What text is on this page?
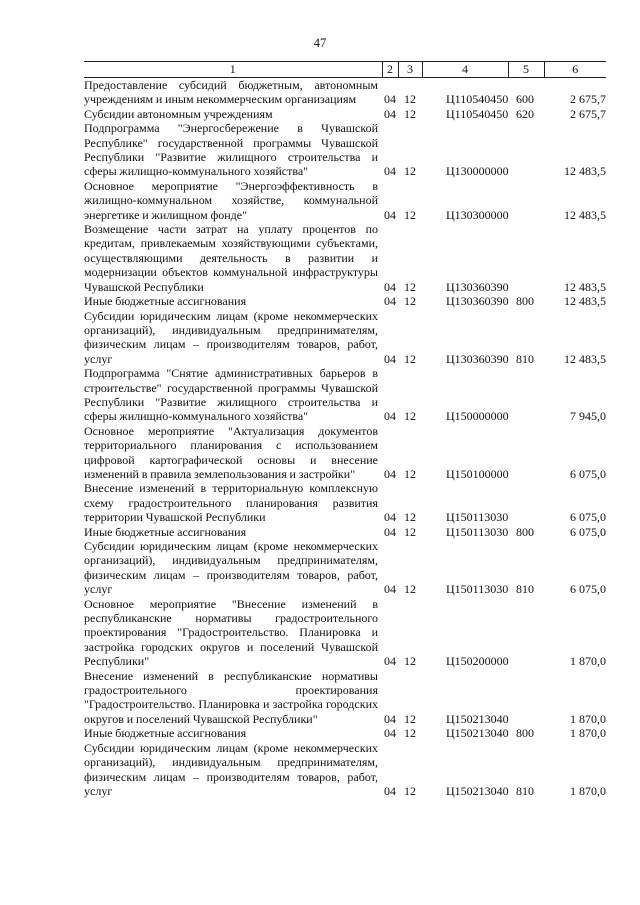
47
1	2	3	4	5	6
Предоставление субсидий бюджетным, автономным учреждениям и иным некоммерческим организациям	04	12	Ц110540450	600	2 675,7
Субсидии автономным учреждениям	04	12	Ц110540450	620	2 675,7
Подпрограмма "Энергосбережение в Чувашской Республике" государственной программы Чувашской Республики "Развитие жилищного строительства и сферы жилищно-коммунального хозяйства"	04	12	Ц130000000		12 483,5
Основное мероприятие "Энергоэффективность в жилищно-коммунальном хозяйстве, коммунальной энергетике и жилищном фонде"	04	12	Ц130300000		12 483,5
Возмещение части затрат на уплату процентов по кредитам, привлекаемым хозяйствующими субъектами, осуществляющими деятельность в развитии и модернизации объектов коммунальной инфраструктуры Чувашской Республики	04	12	Ц130360390		12 483,5
Иные бюджетные ассигнования	04	12	Ц130360390	800	12 483,5
Субсидии юридическим лицам (кроме некоммерческих организаций), индивидуальным предпринимателям, физическим лицам – производителям товаров, работ, услуг	04	12	Ц130360390	810	12 483,5
Подпрограмма "Снятие административных барьеров в строительстве" государственной программы Чувашской Республики "Развитие жилищного строительства и сферы жилищно-коммунального хозяйства"	04	12	Ц150000000		7 945,0
Основное мероприятие "Актуализация документов территориального планирования с использованием цифровой картографической основы и внесение изменений в правила землепользования и застройки"	04	12	Ц150100000		6 075,0
Внесение изменений в территориальную комплексную схему градостроительного планирования развития территории Чувашской Республики	04	12	Ц150113030		6 075,0
Иные бюджетные ассигнования	04	12	Ц150113030	800	6 075,0
Субсидии юридическим лицам (кроме некоммерческих организаций), индивидуальным предпринимателям, физическим лицам – производителям товаров, работ, услуг	04	12	Ц150113030	810	6 075,0
Основное мероприятие "Внесение изменений в республиканские нормативы градостроительного проектирования "Градостроительство. Планировка и застройка городских округов и поселений Чувашской Республики"	04	12	Ц150200000		1 870,0
Внесение изменений в республиканские нормативы градостроительного проектирования "Градостроительство. Планировка и застройка городских округов и поселений Чувашской Республики"	04	12	Ц150213040		1 870,0
Иные бюджетные ассигнования	04	12	Ц150213040	800	1 870,0
Субсидии юридическим лицам (кроме некоммерческих организаций), индивидуальным предпринимателям, физическим лицам – производителям товаров, работ, услуг	04	12	Ц150213040	810	1 870,0
